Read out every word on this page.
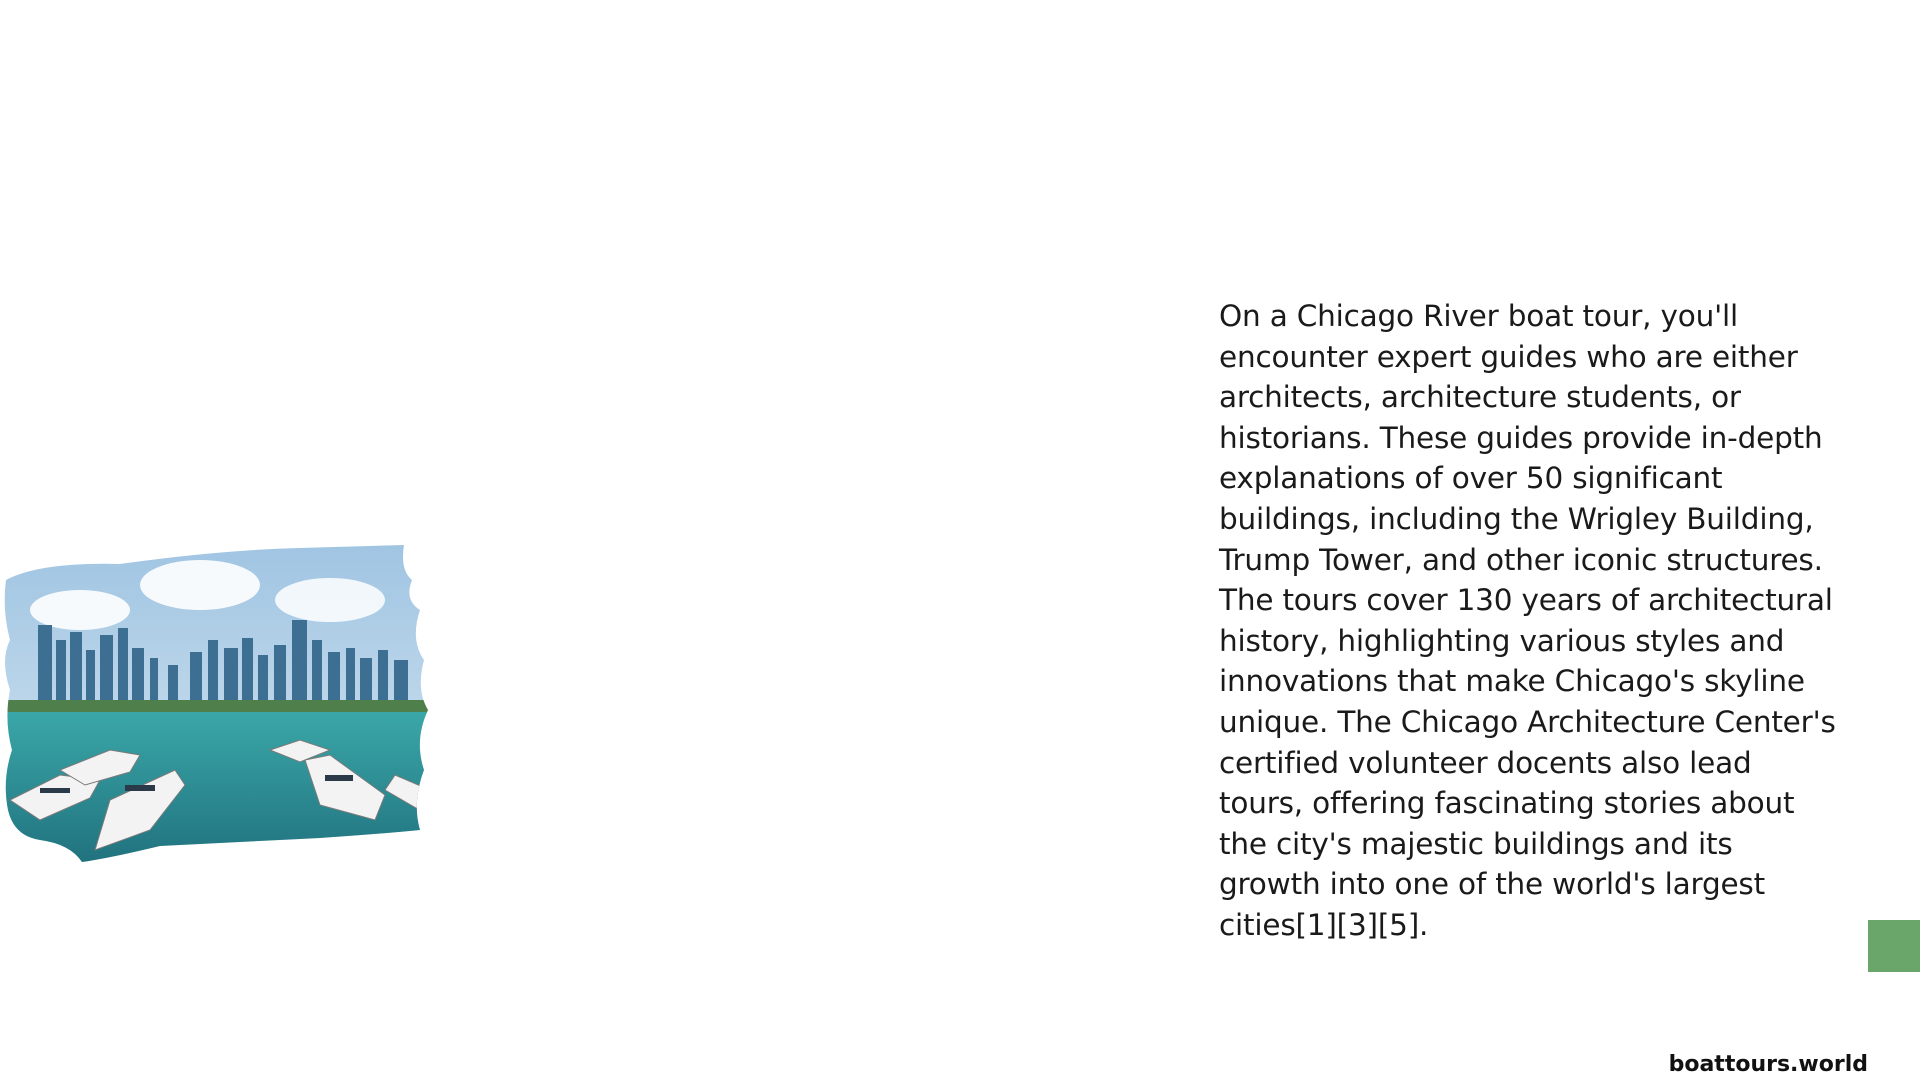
On a Chicago River boat tour, you'll encounter expert guides who are either architects, architecture students, or historians. These guides provide in-depth explanations of over 50 significant buildings, including the Wrigley Building, Trump Tower, and other iconic structures. The tours cover 130 years of architectural history, highlighting various styles and innovations that make Chicago's skyline unique. The Chicago Architecture Center's certified volunteer docents also lead tours, offering fascinating stories about the city's majestic buildings and its growth into one of the world's largest cities[1][3][5].

boattours.world
